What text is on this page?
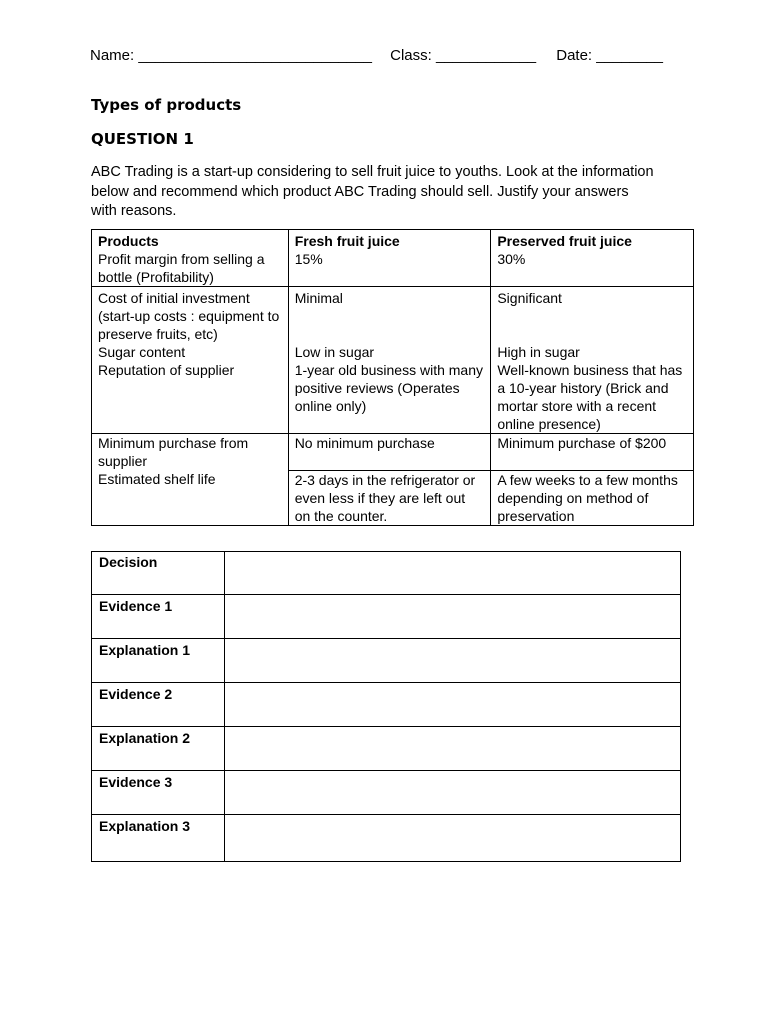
Name: ____________________________ Class: ____________ Date: ________
Types of products
QUESTION 1
ABC Trading is a start-up considering to sell fruit juice to youths. Look at the information
below and recommend which product ABC Trading should sell. Justify your answers
with reasons.
Products	Fresh fruit juice	Preserved fruit juice
Profit margin from selling a bottle (Profitability)	15%	30%
Cost of initial investment (start-up costs : equipment to preserve fruits, etc)	Minimal	Significant
Sugar content	Low in sugar	High in sugar
Reputation of supplier	1-year old business with many positive reviews (Operates online only)	Well-known business that has a 10-year history (Brick and mortar store with a recent online presence)
Minimum purchase from supplier	No minimum purchase	Minimum purchase of $200
Estimated shelf life	2-3 days in the refrigerator or even less if they are left out on the counter.	A few weeks to a few months depending on method of preservation
Decision	
Evidence 1	
Explanation 1	
Evidence 2	
Explanation 2	
Evidence 3	
Explanation 3	
